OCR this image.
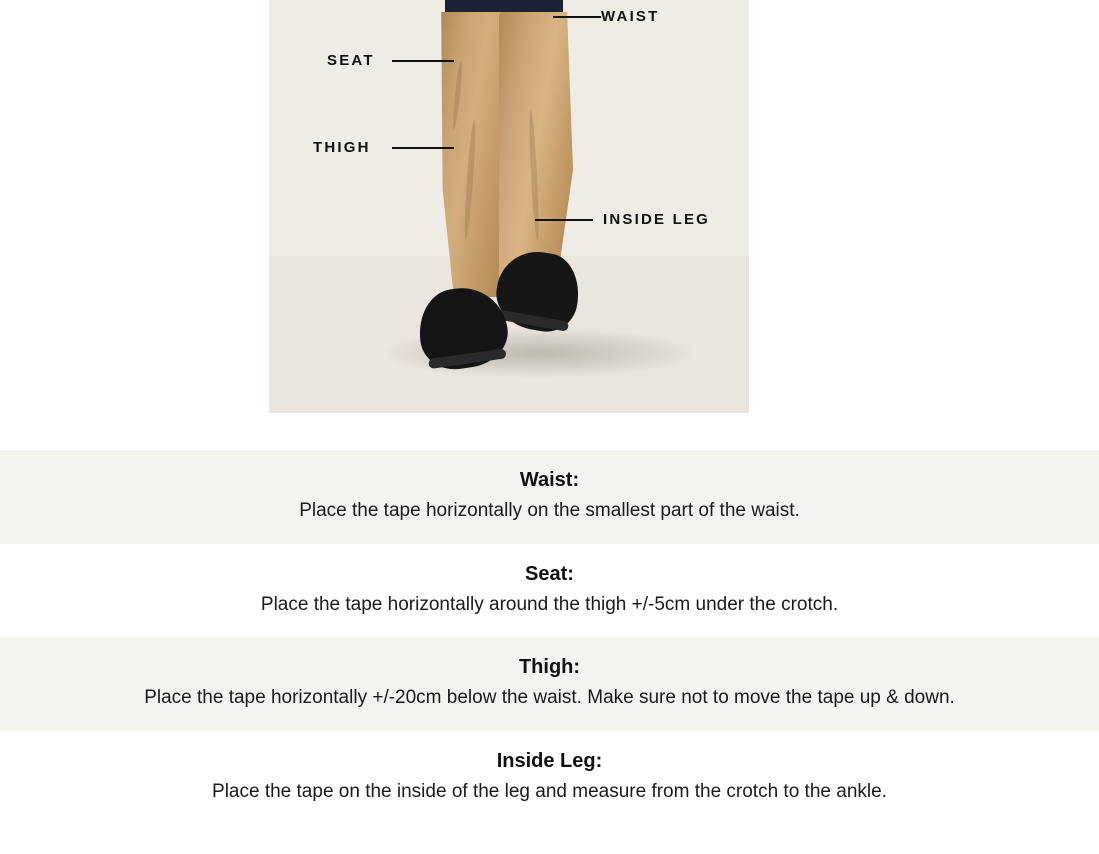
WAIST
SEAT
THIGH
INSIDE LEG
Waist:
Place the tape horizontally on the smallest part of the waist.
Seat:
Place the tape horizontally around the thigh +/-5cm under the crotch.
Thigh:
Place the tape horizontally +/-20cm below the waist. Make sure not to move the tape up & down.
Inside Leg:
Place the tape on the inside of the leg and measure from the crotch to the ankle.
